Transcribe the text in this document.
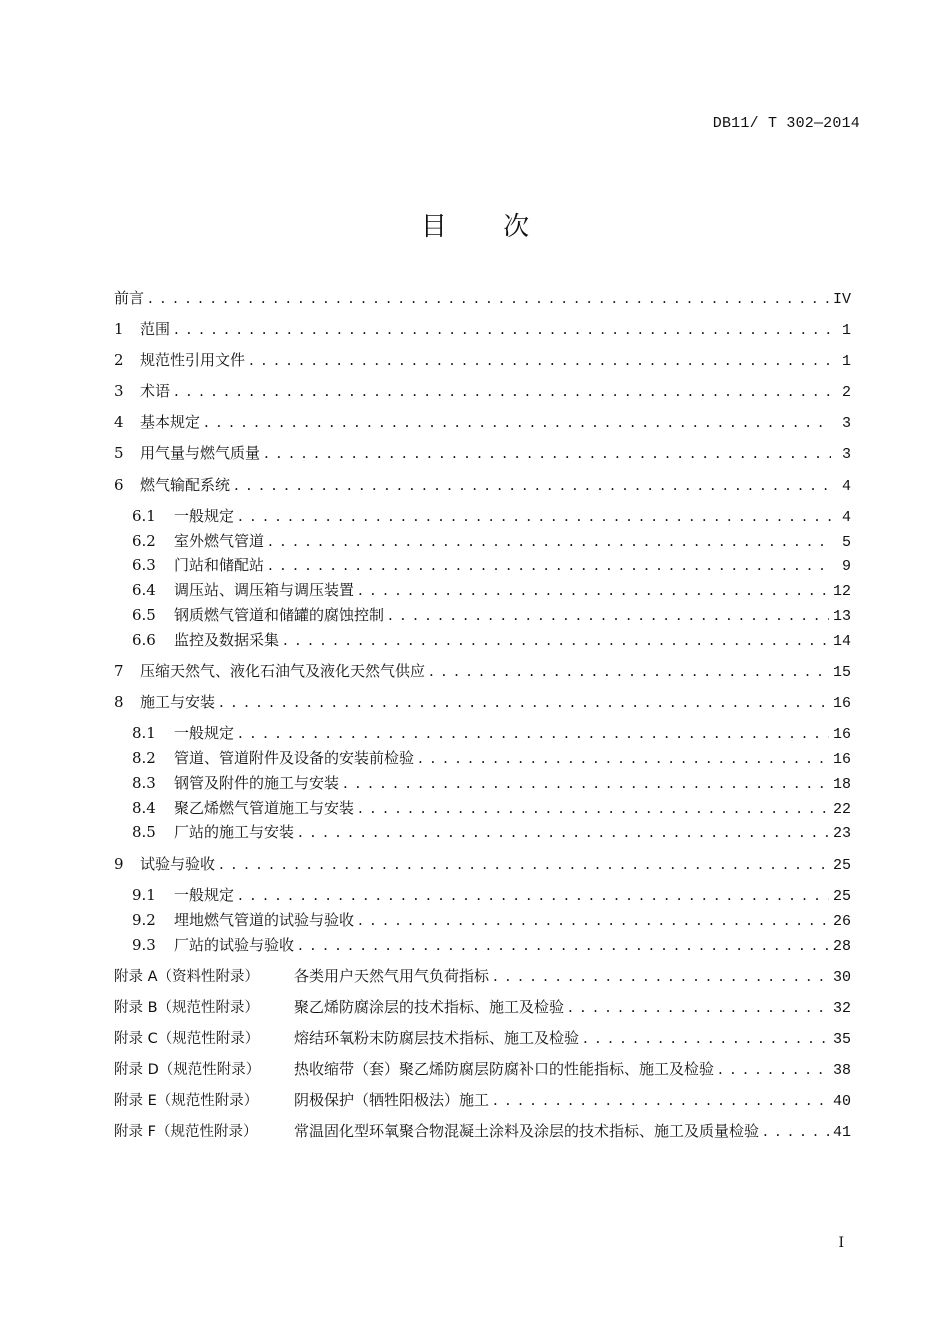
DB11/ T 302—2014
目 次
前言 . . .	IV
1	范围 . . .	1
2	规范性引用文件 . . .	1
3	术语 . . .	2
4	基本规定 . . .	3
5	用气量与燃气质量 . . .	3
6	燃气输配系统 . . .	4
6.1	一般规定 . . .	4
6.2	室外燃气管道 . . .	5
6.3	门站和储配站 . . .	9
6.4	调压站、调压箱与调压装置 . . .	12
6.5	钢质燃气管道和储罐的腐蚀控制 . . .	13
6.6	监控及数据采集 . . .	14
7	压缩天然气、液化石油气及液化天然气供应 . . .	15
8	施工与安装 . . .	16
8.1	一般规定 . . .	16
8.2	管道、管道附件及设备的安装前检验 . . .	16
8.3	钢管及附件的施工与安装 . . .	18
8.4	聚乙烯燃气管道施工与安装 . . .	22
8.5	厂站的施工与安装 . . .	23
9	试验与验收 . . .	25
9.1	一般规定 . . .	25
9.2	埋地燃气管道的试验与验收 . . .	26
9.3	厂站的试验与验收 . . .	28
附录 A（资料性附录）	各类用户天然气用气负荷指标 . . .	30
附录 B（规范性附录）	聚乙烯防腐涂层的技术指标、施工及检验 . . .	32
附录 C（规范性附录）	熔结环氧粉末防腐层技术指标、施工及检验 . . .	35
附录 D（规范性附录）	热收缩带（套）聚乙烯防腐层防腐补口的性能指标、施工及检验 . . .	38
附录 E（规范性附录）	阴极保护（牺牲阳极法）施工 . . .	40
附录 F（规范性附录）	常温固化型环氧聚合物混凝土涂料及涂层的技术指标、施工及质量检验 . . .	41
I
